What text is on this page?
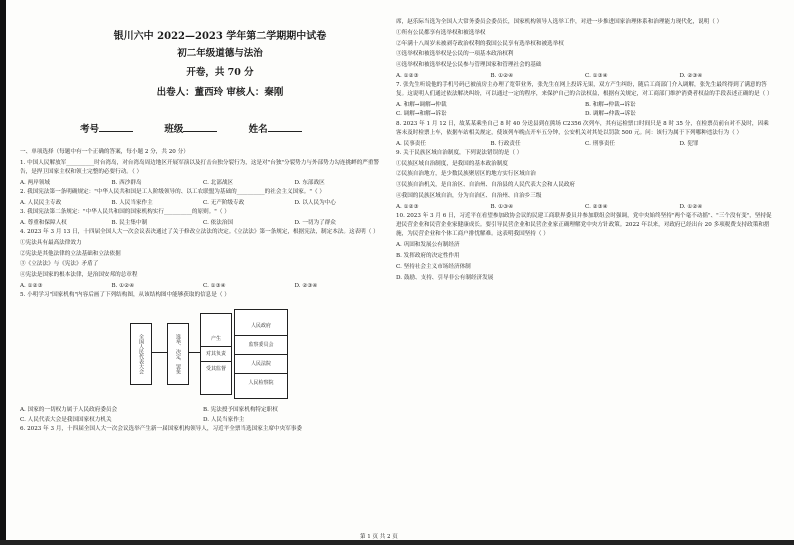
银川六中 2022—2023 学年第二学期期中试卷
初二年级道德与法治
开卷，共 70 分
出卷人：董西玲 审核人：秦刚
考号	班级	姓名

一、单项选择（每题中有一个正确的答案，每小题 2 分，共 20 分）

1. 中国人民解放军__________时台湾岛，对台湾岛周边地区开展军演以及打击台独分裂行为，这是对"台独"分裂势力与外部势力勾连挑衅的严重警告，是捍卫国家主权和领土完整的必要行动。（ ）

A. 两岸领域	B. 西沙群岛	C. 北部战区	D. 东部战区

2. 我国宪法第一条明确规定："中华人民共和国是工人阶级领导的、以工农联盟为基础的__________的社会主义国家。"（ ）

A. 人民民主专政	B. 人民当家作主	C. 无产阶级专政	D. 以人民为中心

3. 我国宪法第二条规定："中华人民共和国的国家机构实行__________的原则。"（ ）

A. 尊重和保障人权	B. 民主集中制	C. 依法治国	D. 一切为了群众

4. 2023 年 3 月 13 日，十四届全国人大一次会议表决通过了关于修改立法法的决定。《立法法》第一条规定，根据宪法，制定本法。这表明（ ）

①宪法具有最高法律效力

②宪法是其他法律的立法基础和立法依据

③《立法法》与《宪法》矛盾了

④宪法是国家的根本法律，是治国安邦的总章程

A. ①②③	B. ①②④	C. ①③④	D. ②③④

5. 小明学习"国家机构"内容后画了下列结构图，从该结构图中能够获取的信息是（ ）

全国人民代表大会	选举、决定、罢免	产生
对其负责
受其监督
人民政府
监察委员会
人民法院
人民检察院
A. 国家的一切权力属于人民政府委员会	B. 宪法授予国家机构特定职权
C. 人民代表大会是我国国家权力机关	D. 人民当家作主

6. 2023 年 3 月，十四届全国人大一次会议选举产生新一届国家机构领导人，习近平全票当选国家主席中央军事委

席，赵乐际当选为全国人大常务委员会委员长，国家机构领导人选举工作，对进一步推进国家治理体系和治理能力现代化，说明（ ）

①所有公民都享有选举权和被选举权

②年满十八周岁未被剥夺政治权利的我国公民享有选举权和被选举权

③选举权和被选举权是公民的一项基本政治权利

④选举权和被选举权是公民参与管理国家和管理社会的基础

A. ①②③	B. ①②④	C. ①③④	D. ②③④

7. 张先生听说他的手机号码已被前房主办理了宽带业务，张先生在网上投诉无果，双方产生纠纷，随后工商部门介入调解，张先生最终得到了满意的答复。这说明人们通过依法解决纠纷，可以通过一定的程序，来保护自己的合法权益，根据有关规定，对工商部门维护消费者权益的手段表述正确的是（ ）

A. 和解→调解→仲裁	B. 和解→仲裁→诉讼
C. 调解→和解→诉讼	D. 调解→仲裁→诉讼

8. 2023 年 1 月 12 日，故某某乘坐自己 8 时 40 分送县到在熊场 C2356 次列车，其有运检票口时间只是 8 时 35 分，在检票员前台对不及时，因乘客未及时检票上车，依据车站相关规定，使该列车晚点开车五分钟，公安机关对其处以罚款 500 元。问：该行为属于下列哪种违法行为（ ）

A. 民事责任	B. 行政责任	C. 刑事责任	D. 犯罪

9. 关于民族区域自治制度，下列说法错误的是（ ）

①民族区域自治制度，是我国的基本政治制度

②民族自治地方，是少数民族聚居区的地方实行区域自治

③民族自治机关，是自治区、自治州、自治县的人民代表大会和人民政府

④我国的民族区域自治，分为自治区、自治州、自治乡三级

A. ①②③	B. ①③④	C. ②③④	D. ①②④

10. 2023 年 3 月 6 日，习近平在看望参加政协会议的民建工商联界委员并参加联组会时强调，党中央始终坚持"两个毫不动摇"、"三个没有变"，坚持促进民营企业和民营企业家健康成长。要引导民营企业和民营企业家正确理解党中央方针政策。2022 年以来，对政府已经出台 20 多项税费支持政策和措施，为民营企业和个体工商户排忧解难。这表明我国坚持（ ）

A. 巩固和发展公有制经济

B. 发挥政府的决定性作用

C. 坚持社会主义市场经济体制

D. 鼓励、支持、引导非公有制经济发展

第 1 页 共 2 页
